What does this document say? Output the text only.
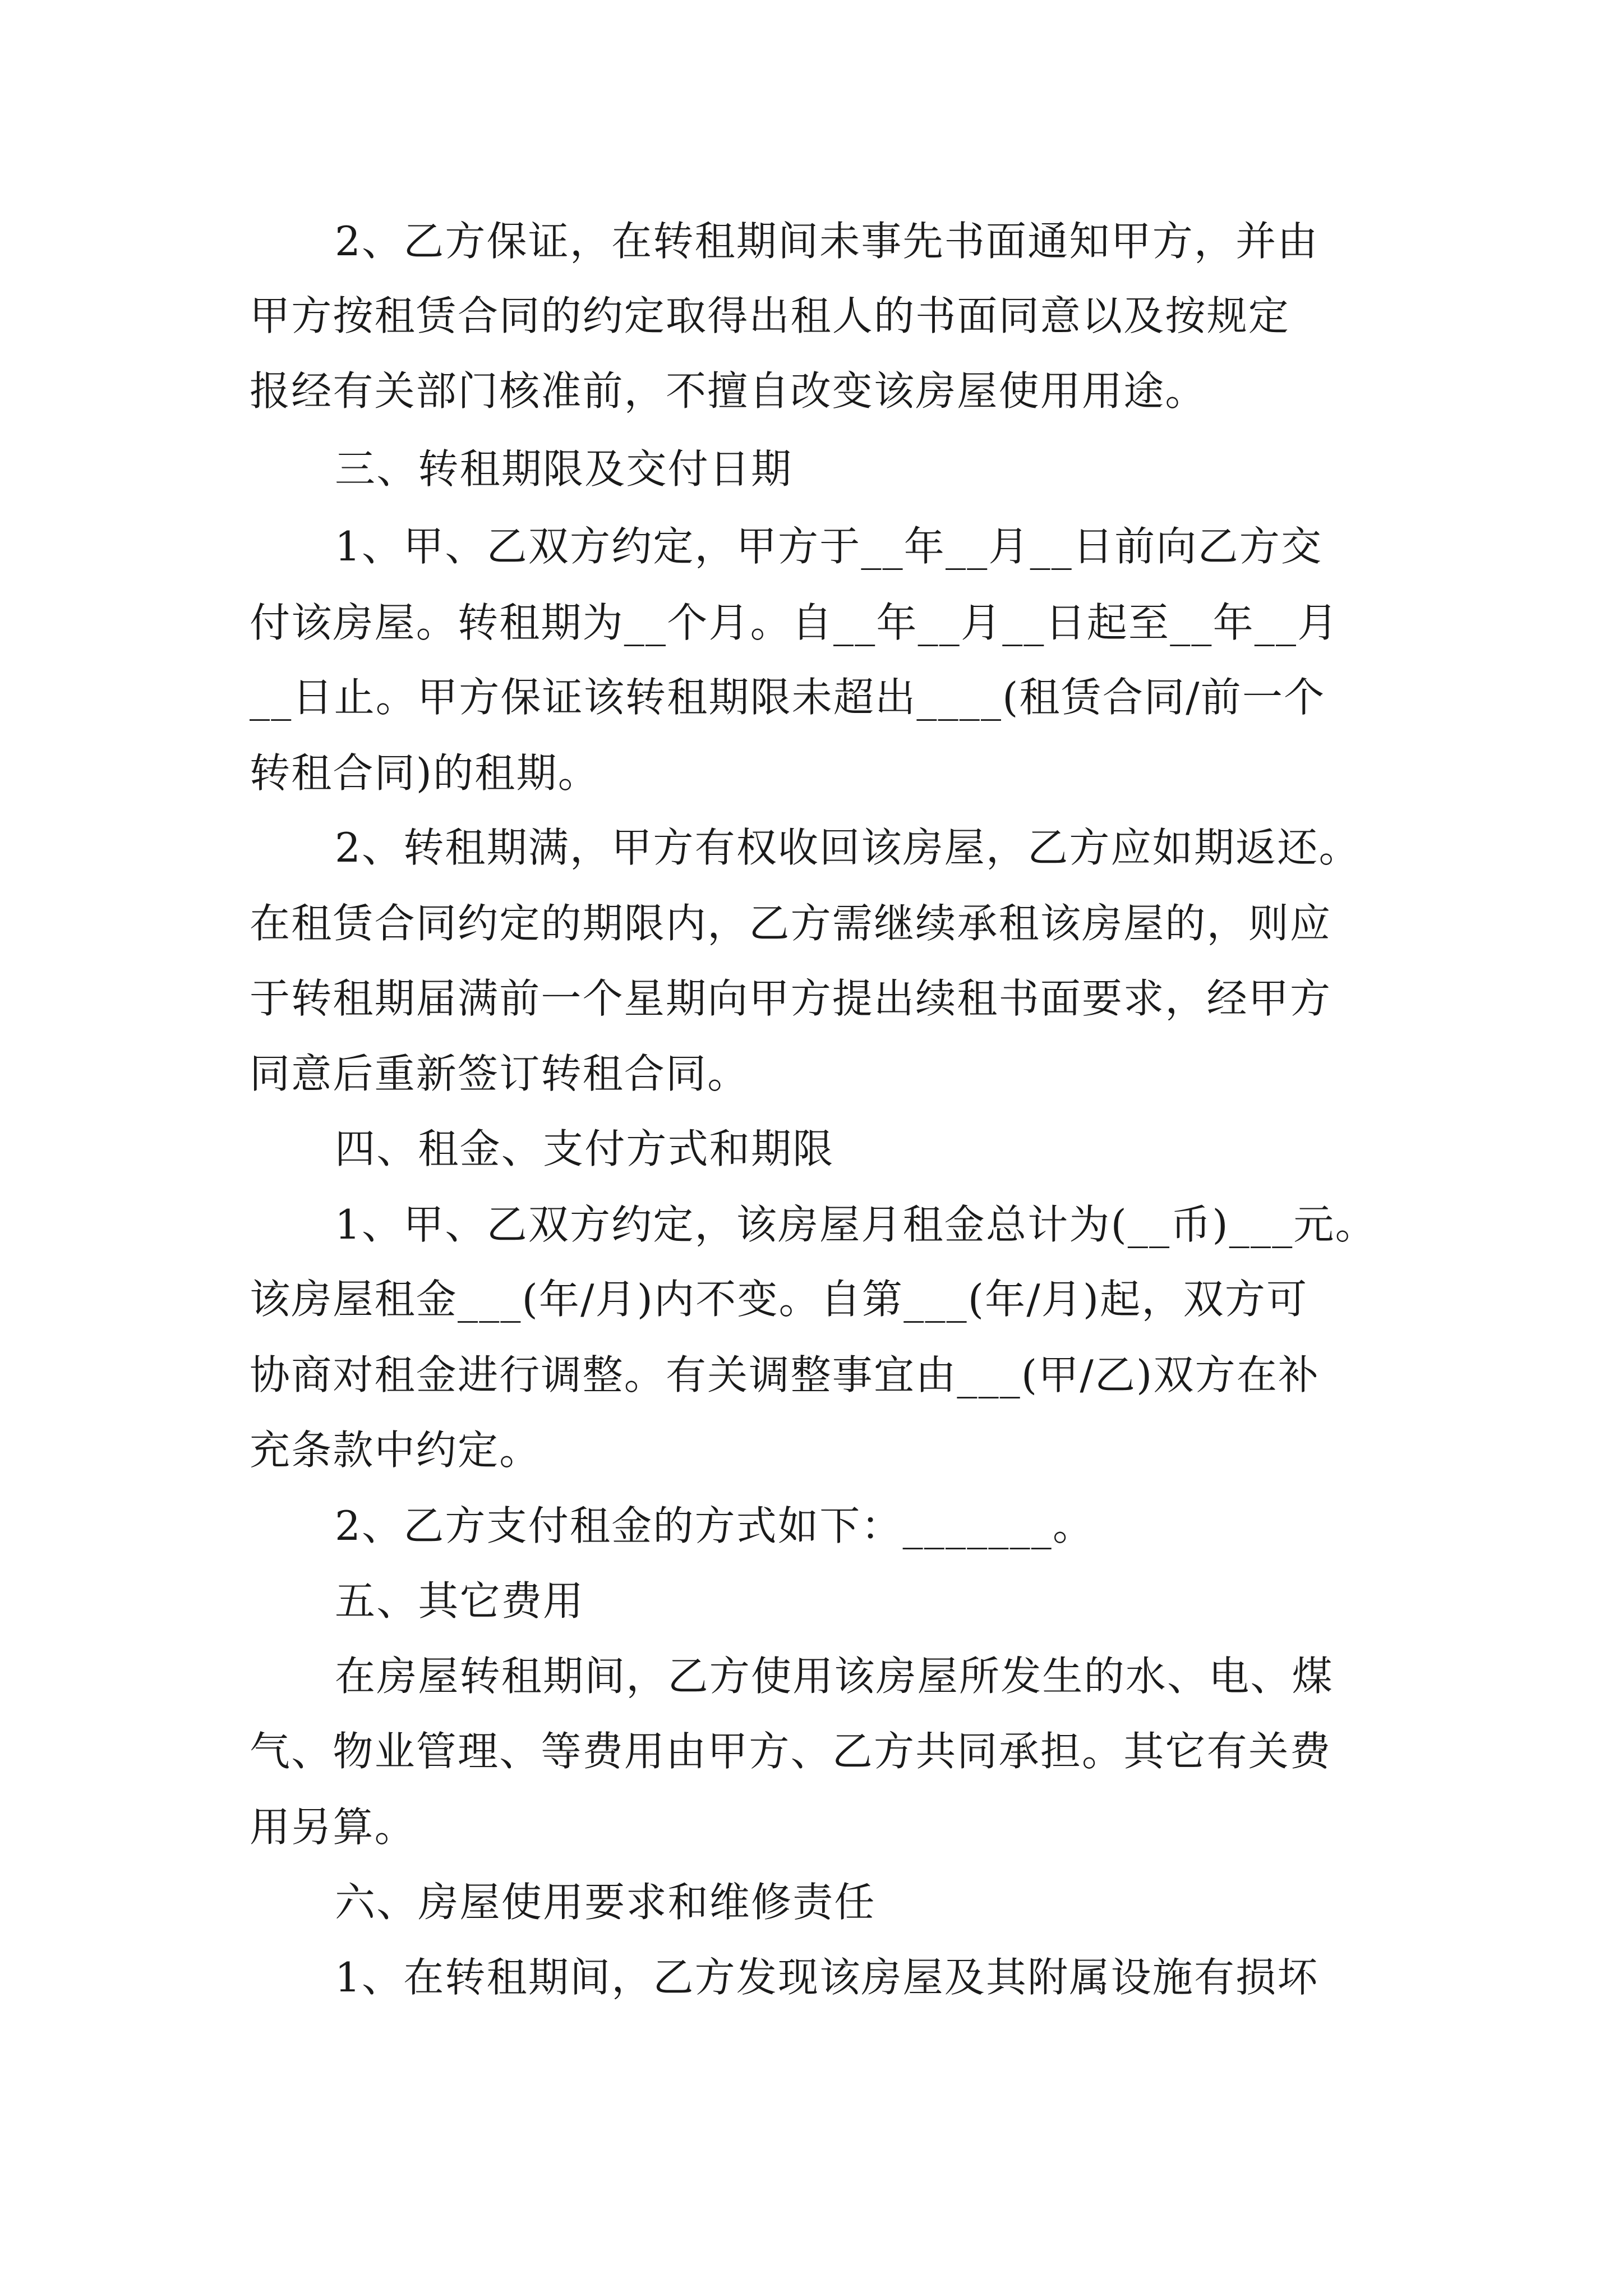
2、乙方保证，在转租期间未事先书面通知甲方，并由

甲方按租赁合同的约定取得出租人的书面同意以及按规定

报经有关部门核准前，不擅自改变该房屋使用用途。

三、转租期限及交付日期

1、甲、乙双方约定，甲方于__年__月__日前向乙方交

付该房屋。转租期为__个月。自__年__月__日起至__年__月

__日止。甲方保证该转租期限未超出____(租赁合同/前一个

转租合同)的租期。

2、转租期满，甲方有权收回该房屋，乙方应如期返还。

在租赁合同约定的期限内，乙方需继续承租该房屋的，则应

于转租期届满前一个星期向甲方提出续租书面要求，经甲方

同意后重新签订转租合同。

四、租金、支付方式和期限

1、甲、乙双方约定，该房屋月租金总计为(__币)___元。

该房屋租金___(年/月)内不变。自第___(年/月)起，双方可

协商对租金进行调整。有关调整事宜由___(甲/乙)双方在补

充条款中约定。

2、乙方支付租金的方式如下：_______。

五、其它费用

在房屋转租期间，乙方使用该房屋所发生的水、电、煤

气、物业管理、等费用由甲方、乙方共同承担。其它有关费

用另算。

六、房屋使用要求和维修责任

1、在转租期间，乙方发现该房屋及其附属设施有损坏
